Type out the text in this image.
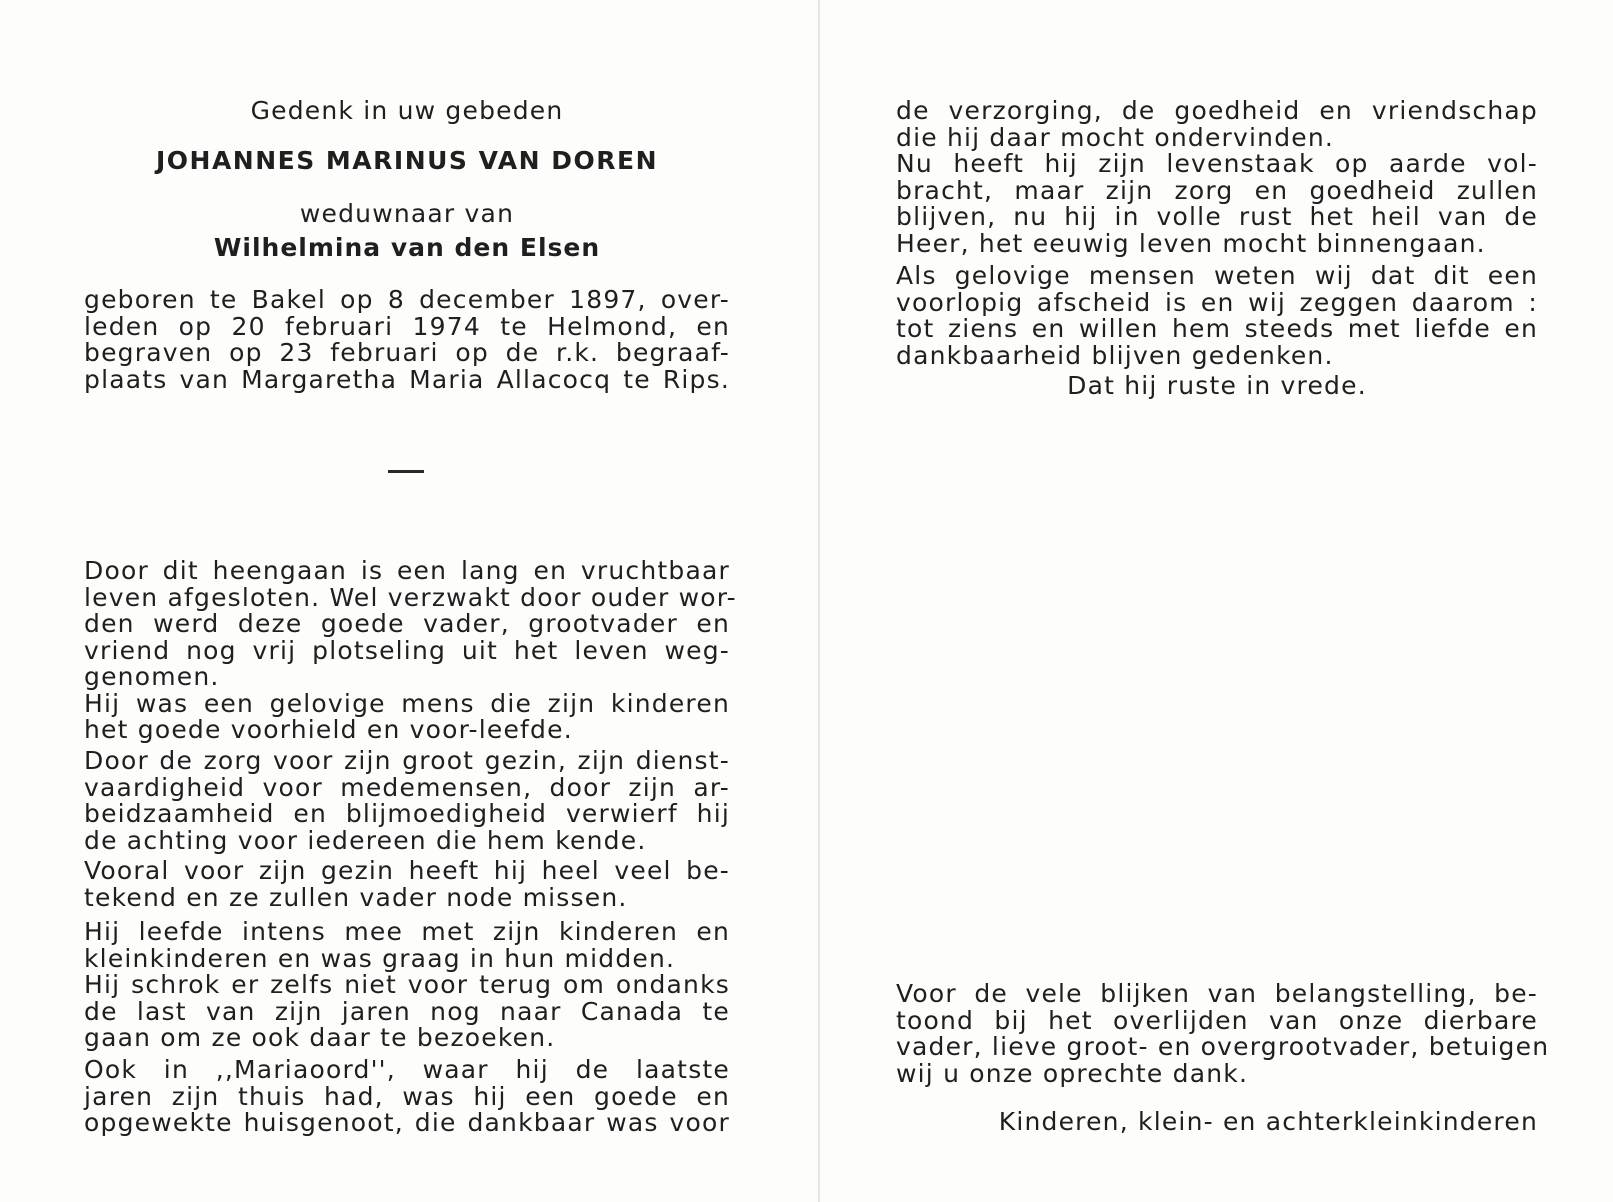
Gedenk in uw gebeden
JOHANNES MARINUS VAN DOREN
weduwnaar van
Wilhelmina van den Elsen
geboren te Bakel op 8 december 1897, over-
leden op 20 februari 1974 te Helmond, en
begraven op 23 februari op de r.k. begraaf-
plaats van Margaretha Maria Allacocq te Rips.
Door dit heengaan is een lang en vruchtbaar
leven afgesloten. Wel verzwakt door ouder wor-
den werd deze goede vader, grootvader en
vriend nog vrij plotseling uit het leven weg-
genomen.
Hij was een gelovige mens die zijn kinderen
het goede voorhield en voor-leefde.
Door de zorg voor zijn groot gezin, zijn dienst-
vaardigheid voor medemensen, door zijn ar-
beidzaamheid en blijmoedigheid verwierf hij
de achting voor iedereen die hem kende.
Vooral voor zijn gezin heeft hij heel veel be-
tekend en ze zullen vader node missen.
Hij leefde intens mee met zijn kinderen en
kleinkinderen en was graag in hun midden.
Hij schrok er zelfs niet voor terug om ondanks
de last van zijn jaren nog naar Canada te
gaan om ze ook daar te bezoeken.
Ook in ,,Mariaoord'', waar hij de laatste
jaren zijn thuis had, was hij een goede en
opgewekte huisgenoot, die dankbaar was voor
de verzorging, de goedheid en vriendschap
die hij daar mocht ondervinden.
Nu heeft hij zijn levenstaak op aarde vol-
bracht, maar zijn zorg en goedheid zullen
blijven, nu hij in volle rust het heil van de
Heer, het eeuwig leven mocht binnengaan.
Als gelovige mensen weten wij dat dit een
voorlopig afscheid is en wij zeggen daarom :
tot ziens en willen hem steeds met liefde en
dankbaarheid blijven gedenken.
Dat hij ruste in vrede.
Voor de vele blijken van belangstelling, be-
toond bij het overlijden van onze dierbare
vader, lieve groot- en overgrootvader, betuigen
wij u onze oprechte dank.
Kinderen, klein- en achterkleinkinderen
